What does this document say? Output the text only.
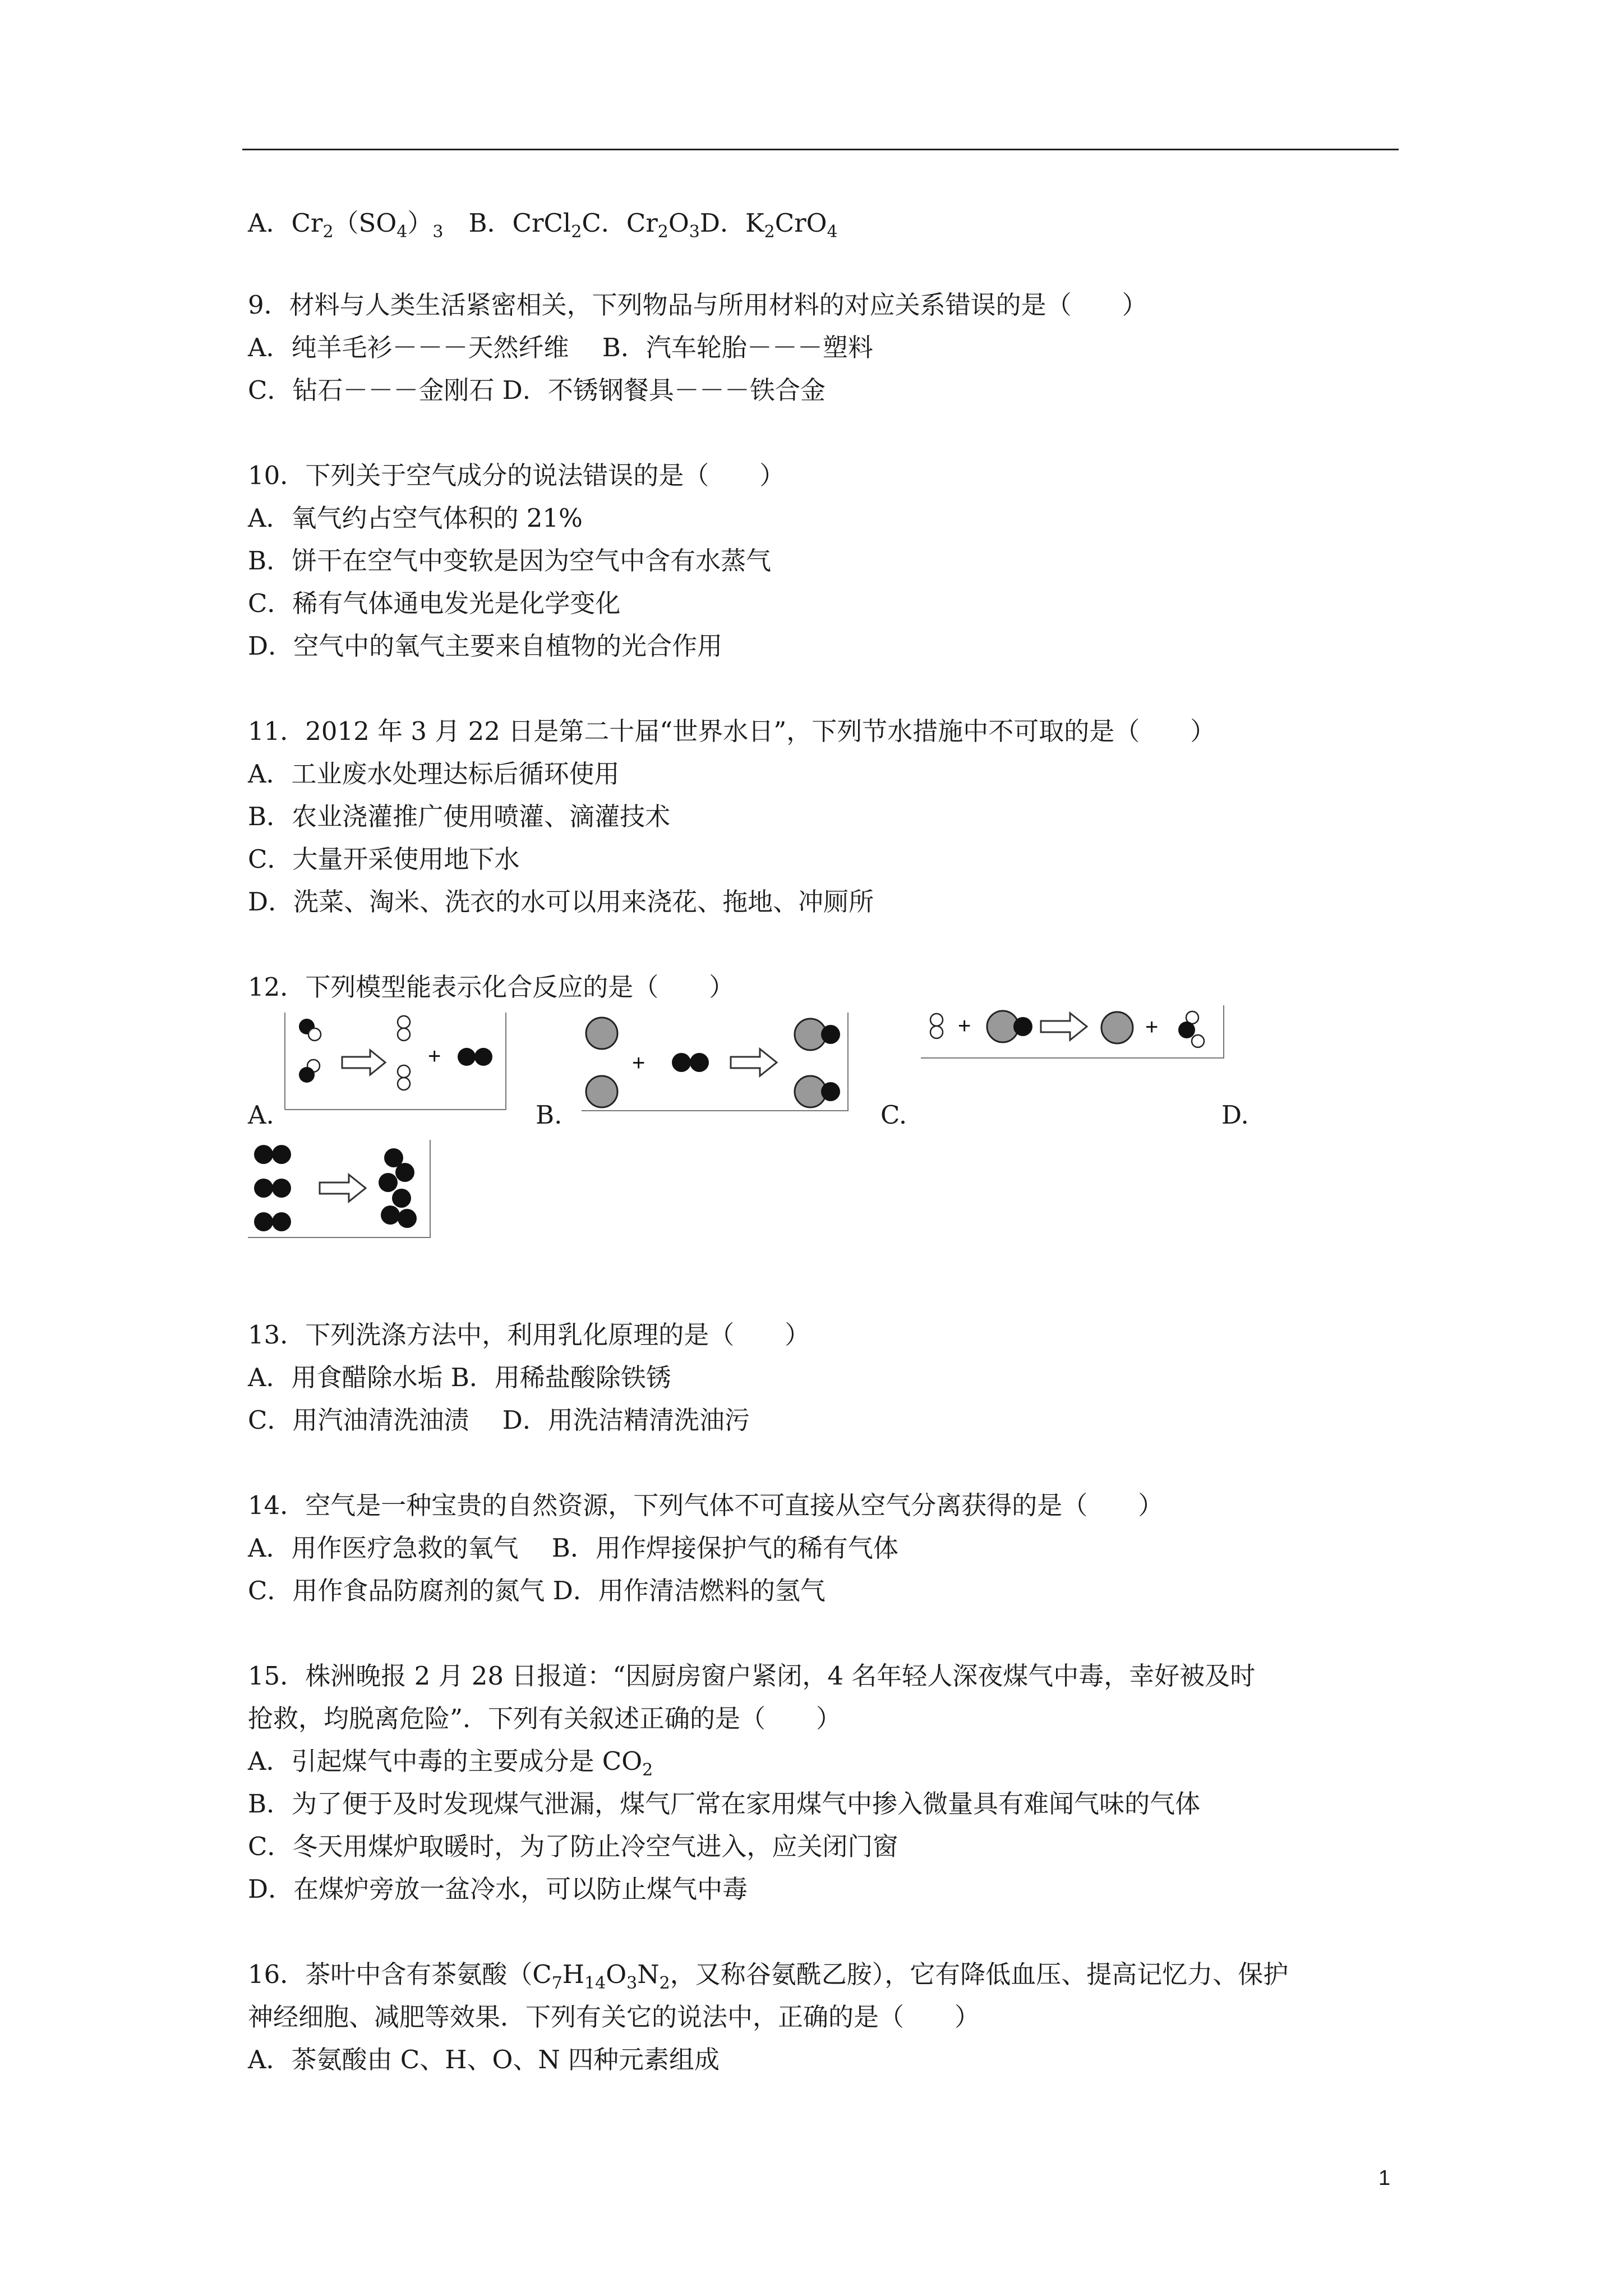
A．$Cr_2(SO_4)_3$　B．CrCl$_2$C．$Cr_2O_3D$．$K_2CrO_4$
9．材料与人类生活紧密相关，下列物品与所用材料的对应关系错误的是（　　）
A．纯羊毛衫－－－天然纤维　 B．汽车轮胎－－－塑料
C．钻石－－－金刚石 D．不锈钢餐具－－－铁合金
10．下列关于空气成分的说法错误的是（　　）
A．氧气约占空气体积的 21%
B．饼干在空气中变软是因为空气中含有水蒸气
C．稀有气体通电发光是化学变化
D．空气中的氧气主要来自植物的光合作用
11．2012 年 3 月 22 日是第二十届“世界水日”，下列节水措施中不可取的是（　　）
A．工业废水处理达标后循环使用
B．农业浇灌推广使用喷灌、滴灌技术
C．大量开采使用地下水
D．洗菜、淘米、洗衣的水可以用来浇花、拖地、冲厕所
12．下列模型能表示化合反应的是（　　）
A.	B.	C.	D.
+	+
+	+
13．下列洗涤方法中，利用乳化原理的是（　　）
A．用食醋除水垢 B．用稀盐酸除铁锈
C．用汽油清洗油渍　 D．用洗洁精清洗油污
14．空气是一种宝贵的自然资源，下列气体不可直接从空气分离获得的是（　　）
A．用作医疗急救的氧气　 B．用作焊接保护气的稀有气体
C．用作食品防腐剂的氮气 D．用作清洁燃料的氢气
15．株洲晚报 2 月 28 日报道：“因厨房窗户紧闭，4 名年轻人深夜煤气中毒，幸好被及时
抢救，均脱离危险”．下列有关叙述正确的是（　　）
A．引起煤气中毒的主要成分是 $CO_2$
B．为了便于及时发现煤气泄漏，煤气厂常在家用煤气中掺入微量具有难闻气味的气体
C．冬天用煤炉取暖时，为了防止冷空气进入，应关闭门窗
D．在煤炉旁放一盆冷水，可以防止煤气中毒
16．茶叶中含有茶氨酸（$C_7H_{14}O_3N_2$，又称谷氨酰乙胺），它有降低血压、提高记忆力、保护
神经细胞、减肥等效果．下列有关它的说法中，正确的是（　　）
A．茶氨酸由 C、H、O、N 四种元素组成
1
